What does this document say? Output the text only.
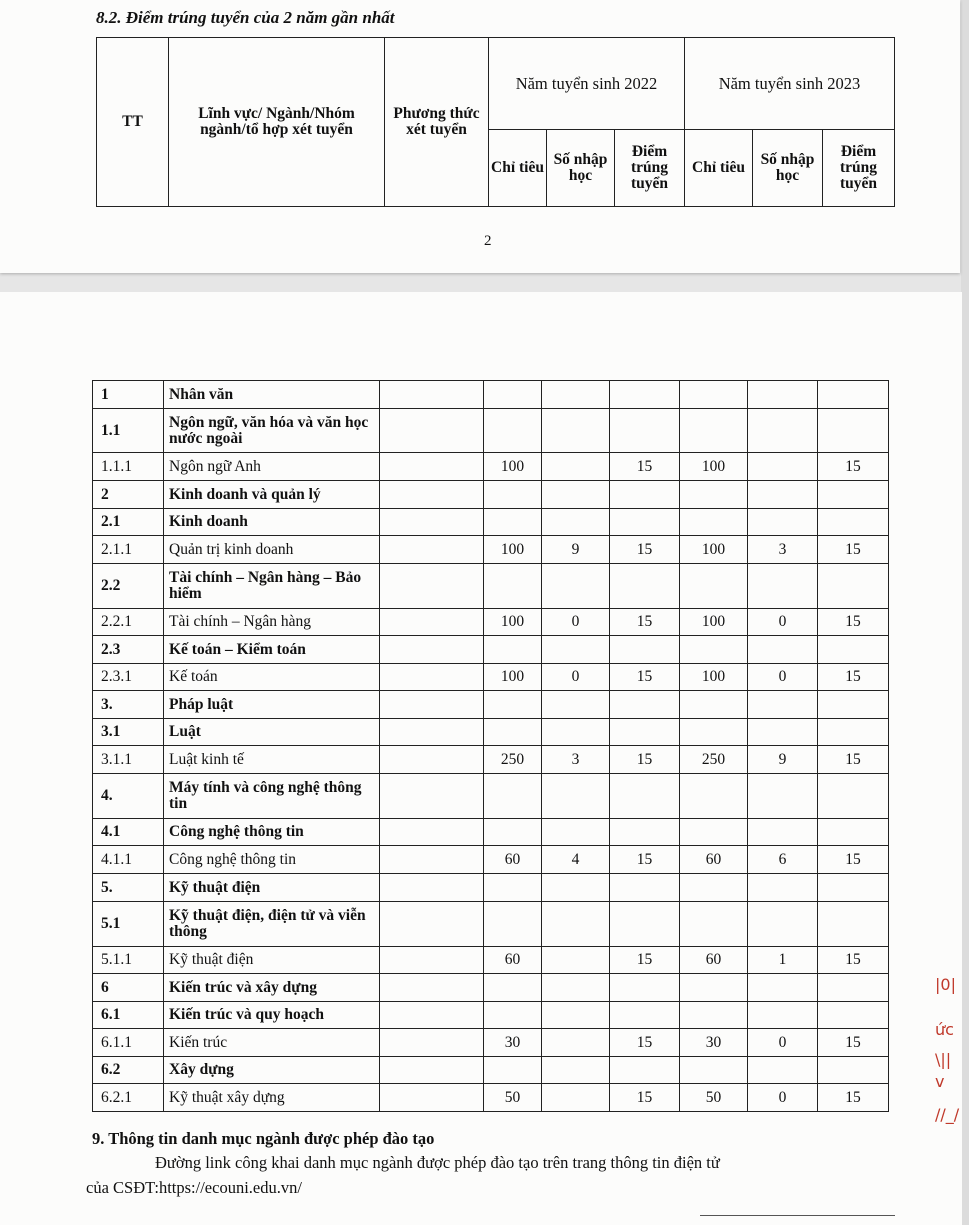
8.2. Điểm trúng tuyển của 2 năm gần nhất
TT	Lĩnh vực/ Ngành/Nhóm ngành/tổ hợp xét tuyển	Phương thức xét tuyển	Năm tuyển sinh 2022			Năm tuyển sinh 2023		
			Chỉ tiêu	Số nhập học	Điểm trúng tuyển	Chỉ tiêu	Số nhập học	Điểm trúng tuyển
2
1	Nhân văn							
1.1	Ngôn ngữ, văn hóa và văn học nước ngoài							
1.1.1	Ngôn ngữ Anh		100		15	100		15
2	Kinh doanh và quản lý							
2.1	Kinh doanh							
2.1.1	Quản trị kinh doanh		100	9	15	100	3	15
2.2	Tài chính – Ngân hàng – Bảo hiểm							
2.2.1	Tài chính – Ngân hàng		100	0	15	100	0	15
2.3	Kế toán – Kiểm toán							
2.3.1	Kế toán		100	0	15	100	0	15
3.	Pháp luật							
3.1	Luật							
3.1.1	Luật kinh tế		250	3	15	250	9	15
4.	Máy tính và công nghệ thông tin							
4.1	Công nghệ thông tin							
4.1.1	Công nghệ thông tin		60	4	15	60	6	15
5.	Kỹ thuật điện							
5.1	Kỹ thuật điện, điện tử và viễn thông							
5.1.1	Kỹ thuật điện		60		15	60	1	15
6	Kiến trúc và xây dựng							
6.1	Kiến trúc và quy hoạch							
6.1.1	Kiến trúc		30		15	30	0	15
6.2	Xây dựng							
6.2.1	Kỹ thuật xây dựng		50		15	50	0	15
9. Thông tin danh mục ngành được phép đào tạo
Đường link công khai danh mục ngành được phép đào tạo trên trang thông tin điện tử
của CSĐT:https://ecouni.edu.vn/
|0|
ức
\||
v
//_/
